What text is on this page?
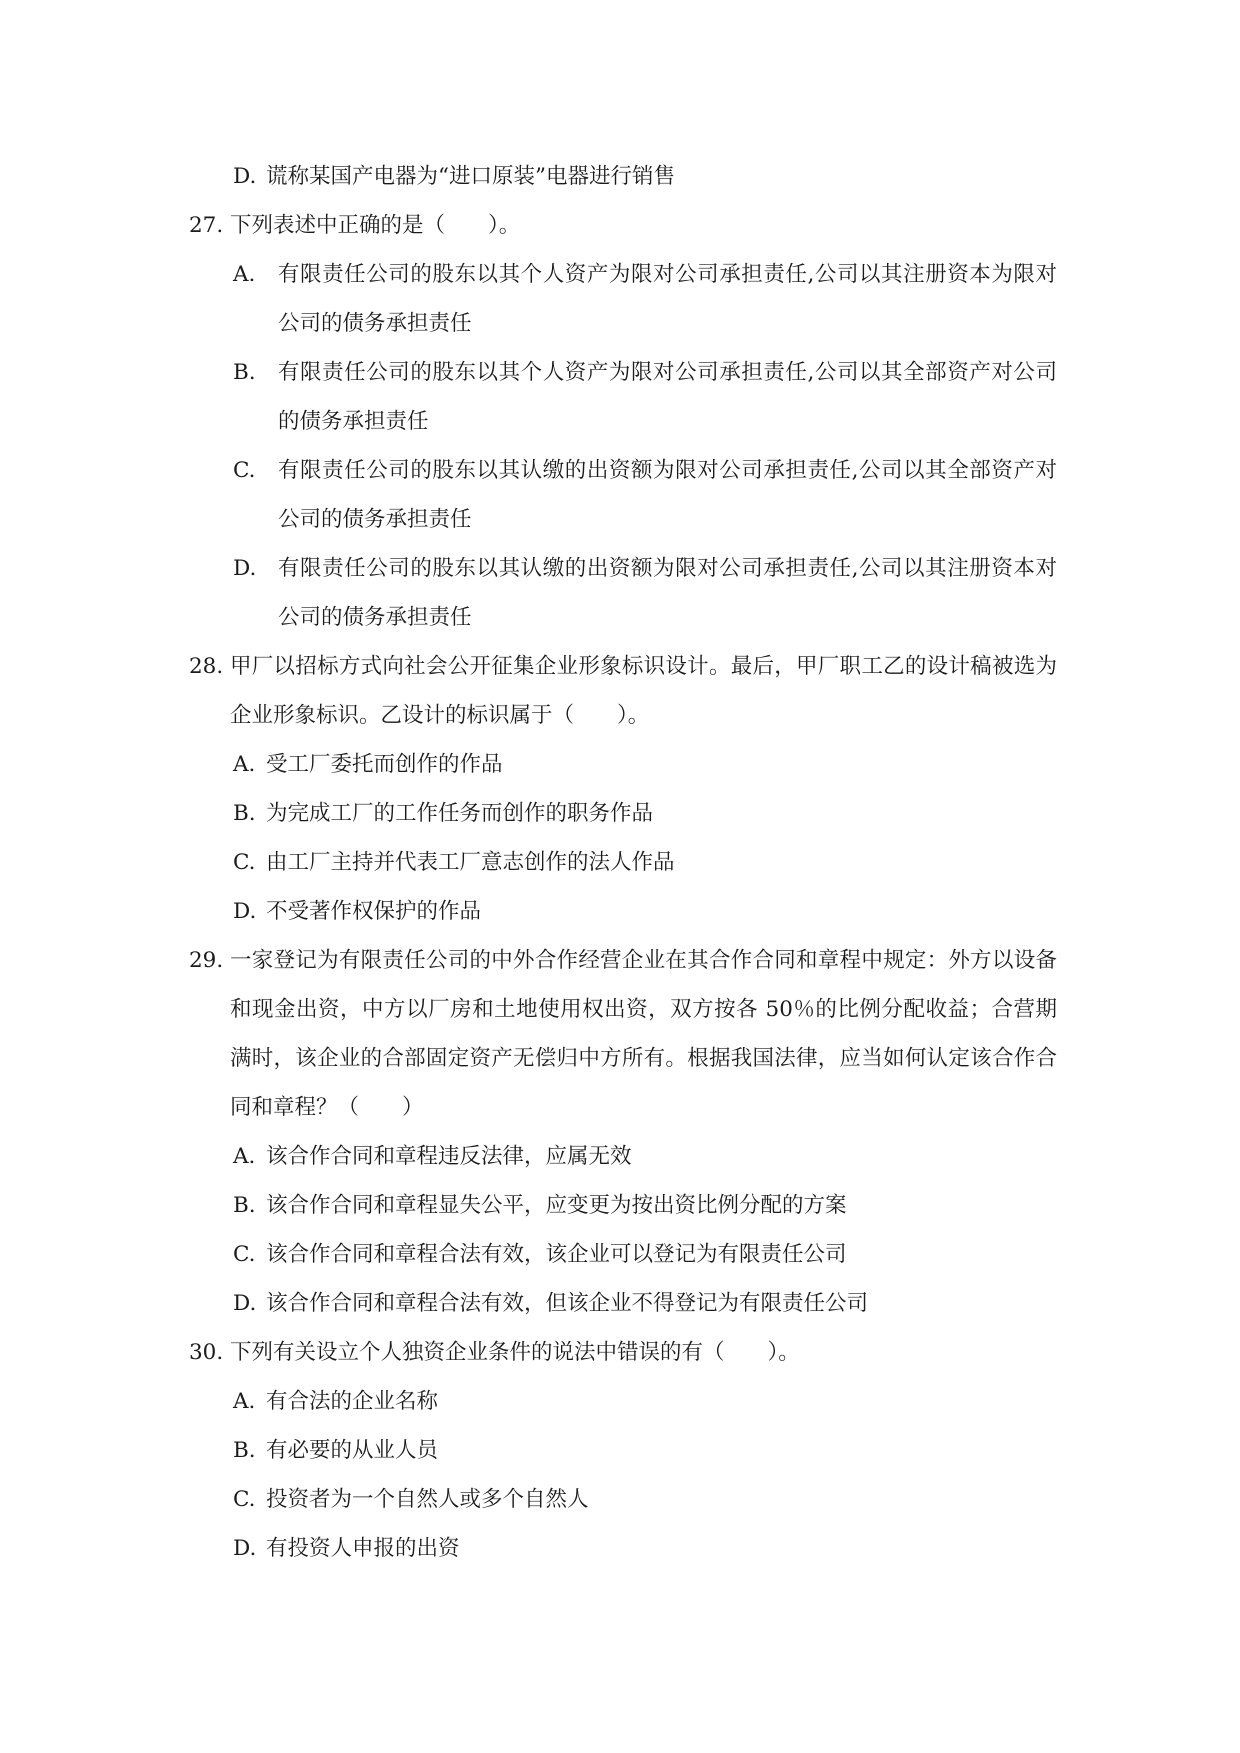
D. 谎称某国产电器为“进口原装”电器进行销售
27. 下列表述中正确的是（　　）。
A. 有限责任公司的股东以其个人资产为限对公司承担责任,公司以其注册资本为限对
公司的债务承担责任
B. 有限责任公司的股东以其个人资产为限对公司承担责任,公司以其全部资产对公司
的债务承担责任
C. 有限责任公司的股东以其认缴的出资额为限对公司承担责任,公司以其全部资产对
公司的债务承担责任
D. 有限责任公司的股东以其认缴的出资额为限对公司承担责任,公司以其注册资本对
公司的债务承担责任
28. 甲厂以招标方式向社会公开征集企业形象标识设计。最后，甲厂职工乙的设计稿被选为
企业形象标识。乙设计的标识属于（　　）。
A. 受工厂委托而创作的作品
B. 为完成工厂的工作任务而创作的职务作品
C. 由工厂主持并代表工厂意志创作的法人作品
D. 不受著作权保护的作品
29. 一家登记为有限责任公司的中外合作经营企业在其合作合同和章程中规定：外方以设备
和现金出资，中方以厂房和土地使用权出资，双方按各 50％的比例分配收益；合营期
满时，该企业的合部固定资产无偿归中方所有。根据我国法律，应当如何认定该合作合
同和章程？（　　）
A. 该合作合同和章程违反法律，应属无效
B. 该合作合同和章程显失公平，应变更为按出资比例分配的方案
C. 该合作合同和章程合法有效，该企业可以登记为有限责任公司
D. 该合作合同和章程合法有效，但该企业不得登记为有限责任公司
30. 下列有关设立个人独资企业条件的说法中错误的有（　　）。
A. 有合法的企业名称
B. 有必要的从业人员
C. 投资者为一个自然人或多个自然人
D. 有投资人申报的出资
